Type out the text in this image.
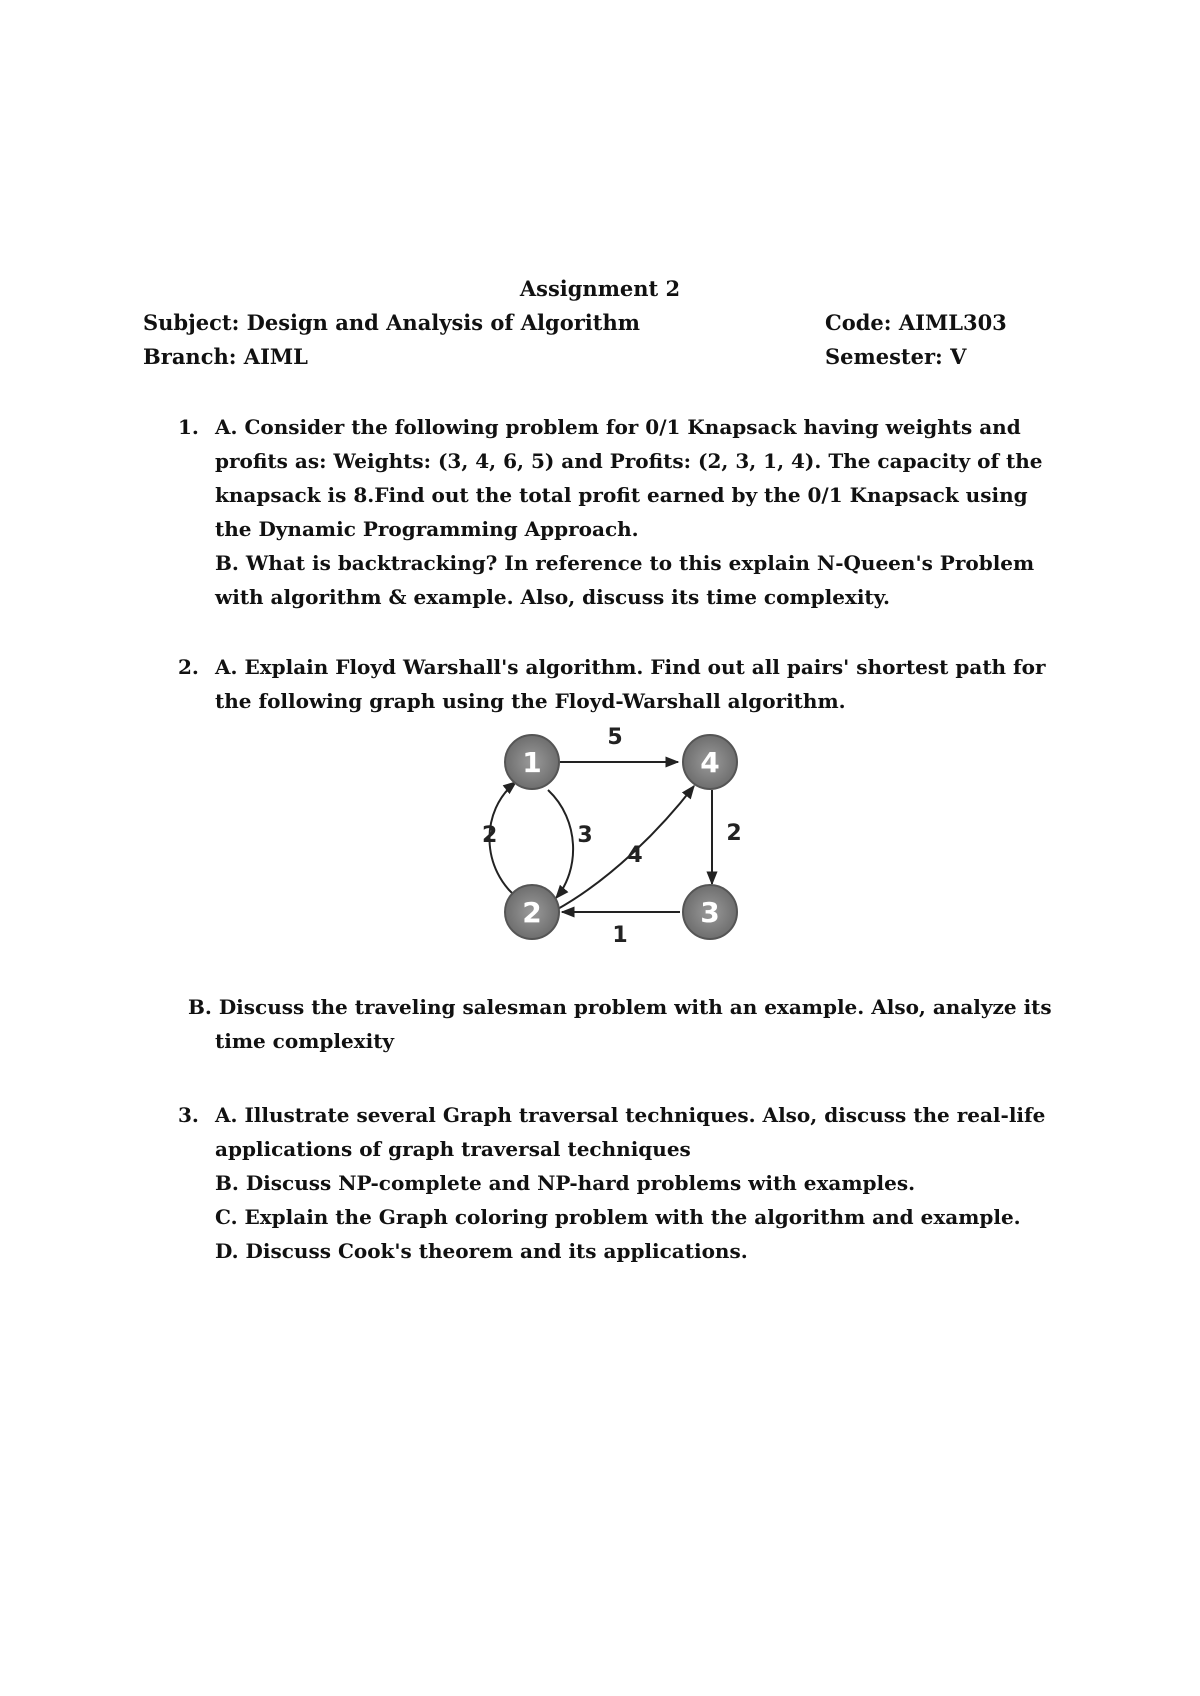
Assignment 2
Subject: Design and Analysis of Algorithm	Code: AIML303
Branch: AIML	Semester: V
1. A. Consider the following problem for 0/1 Knapsack having weights and profits as: Weights: (3, 4, 6, 5) and Profits: (2, 3, 1, 4). The capacity of the knapsack is 8.Find out the total profit earned by the 0/1 Knapsack using the Dynamic Programming Approach.

B. What is backtracking? In reference to this explain N-Queen's Problem with algorithm & example. Also, discuss its time complexity.

2. A. Explain Floyd Warshall's algorithm. Find out all pairs' shortest path for the following graph using the Floyd-Warshall algorithm.

1	4
2	3
5
2	3
4
2
1
B. Discuss the traveling salesman problem with an example. Also, analyze its
time complexity
3. A. Illustrate several Graph traversal techniques. Also, discuss the real-life applications of graph traversal techniques

B. Discuss NP-complete and NP-hard problems with examples.

C. Explain the Graph coloring problem with the algorithm and example.

D. Discuss Cook's theorem and its applications.
